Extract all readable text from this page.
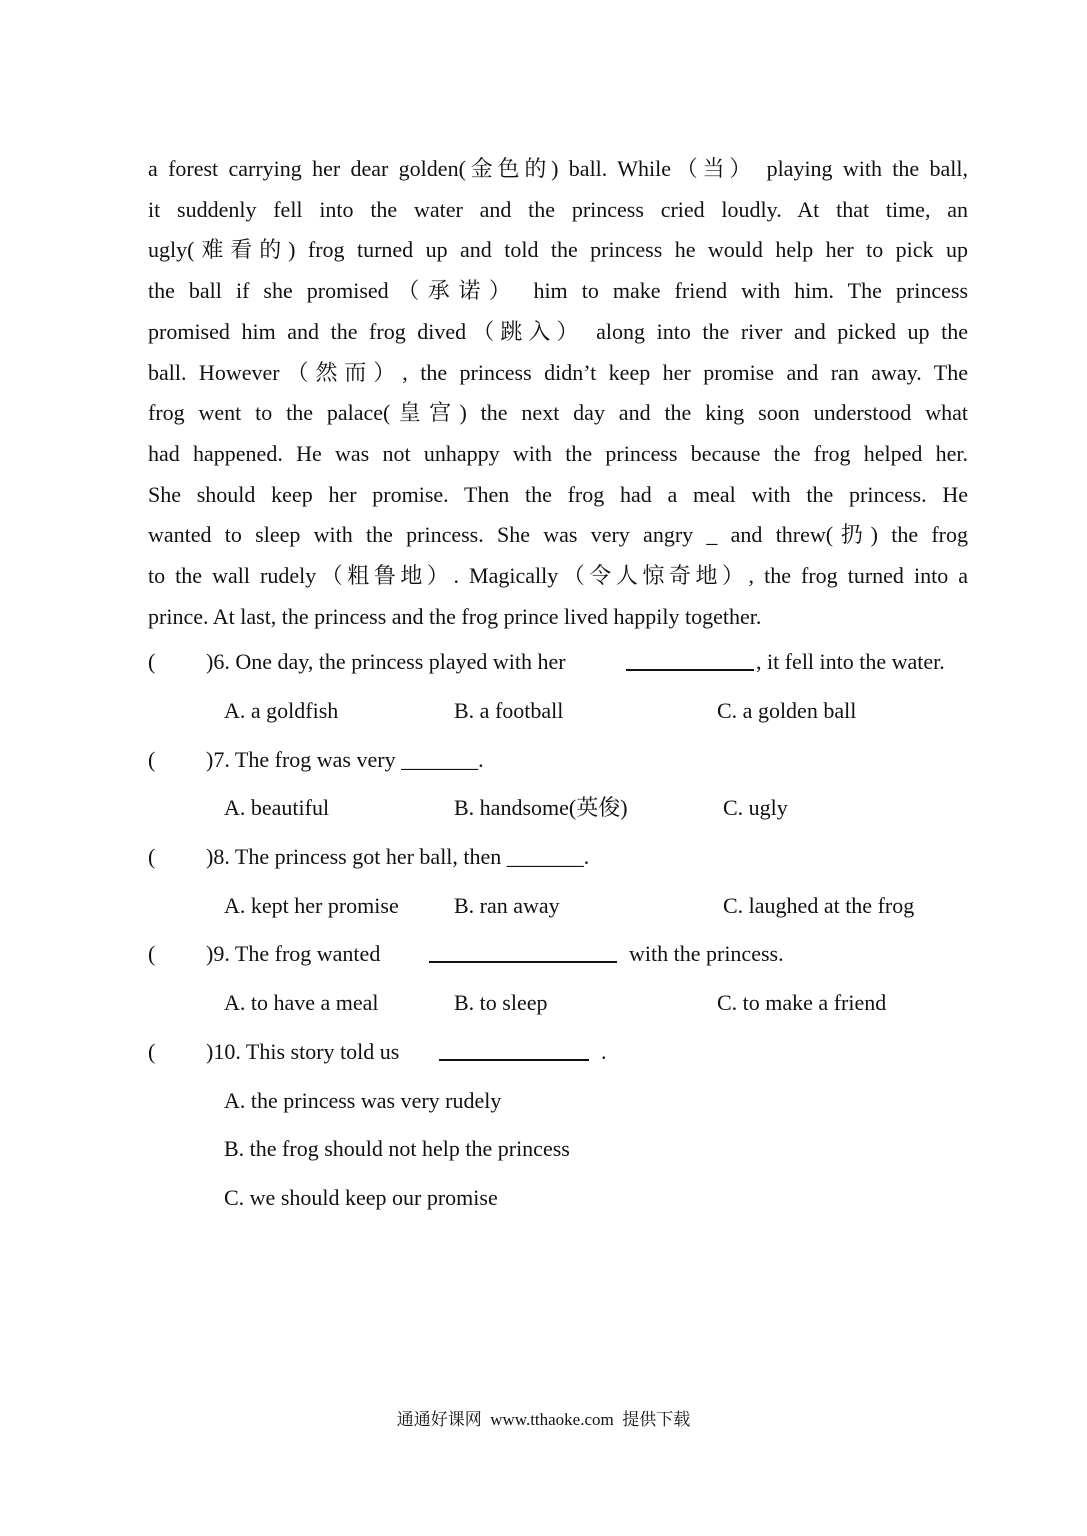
a forest carrying her dear golden(金色的) ball. While（当） playing with the ball,
it suddenly fell into the water and the princess cried loudly. At that time, an
ugly(难看的) frog turned up and told the princess he would help her to pick up
the ball if she promised（承诺） him to make friend with him. The princess
promised him and the frog dived（跳入） along into the river and picked up the
ball. However（然而）, the princess didn’t keep her promise and ran away. The
frog went to the palace(皇宫) the next day and the king soon understood what
had happened. He was not unhappy with the princess because the frog helped her.
She should keep her promise. Then the frog had a meal with the princess. He
wanted to sleep with the princess. She was very angry _ and threw(扔) the frog
to the wall rudely（粗鲁地）. Magically（令人惊奇地）, the frog turned into a
prince. At last, the princess and the frog prince lived happily together.
( )6. One day, the princess played with her	, it fell into the water.
A. a goldfish	B. a football	C. a golden ball
( )7. The frog was very _______.
A. beautiful	B. handsome(英俊)	C. ugly
( )8. The princess got her ball, then _______.
A. kept her promise	B. ran away	C. laughed at the frog
( )9. The frog wanted	with the princess.
A. to have a meal	B. to sleep	C. to make a friend
( )10. This story told us	.
A. the princess was very rudely
B. the frog should not help the princess
C. we should keep our promise
通通好课网  www.tthaoke.com  提供下载
